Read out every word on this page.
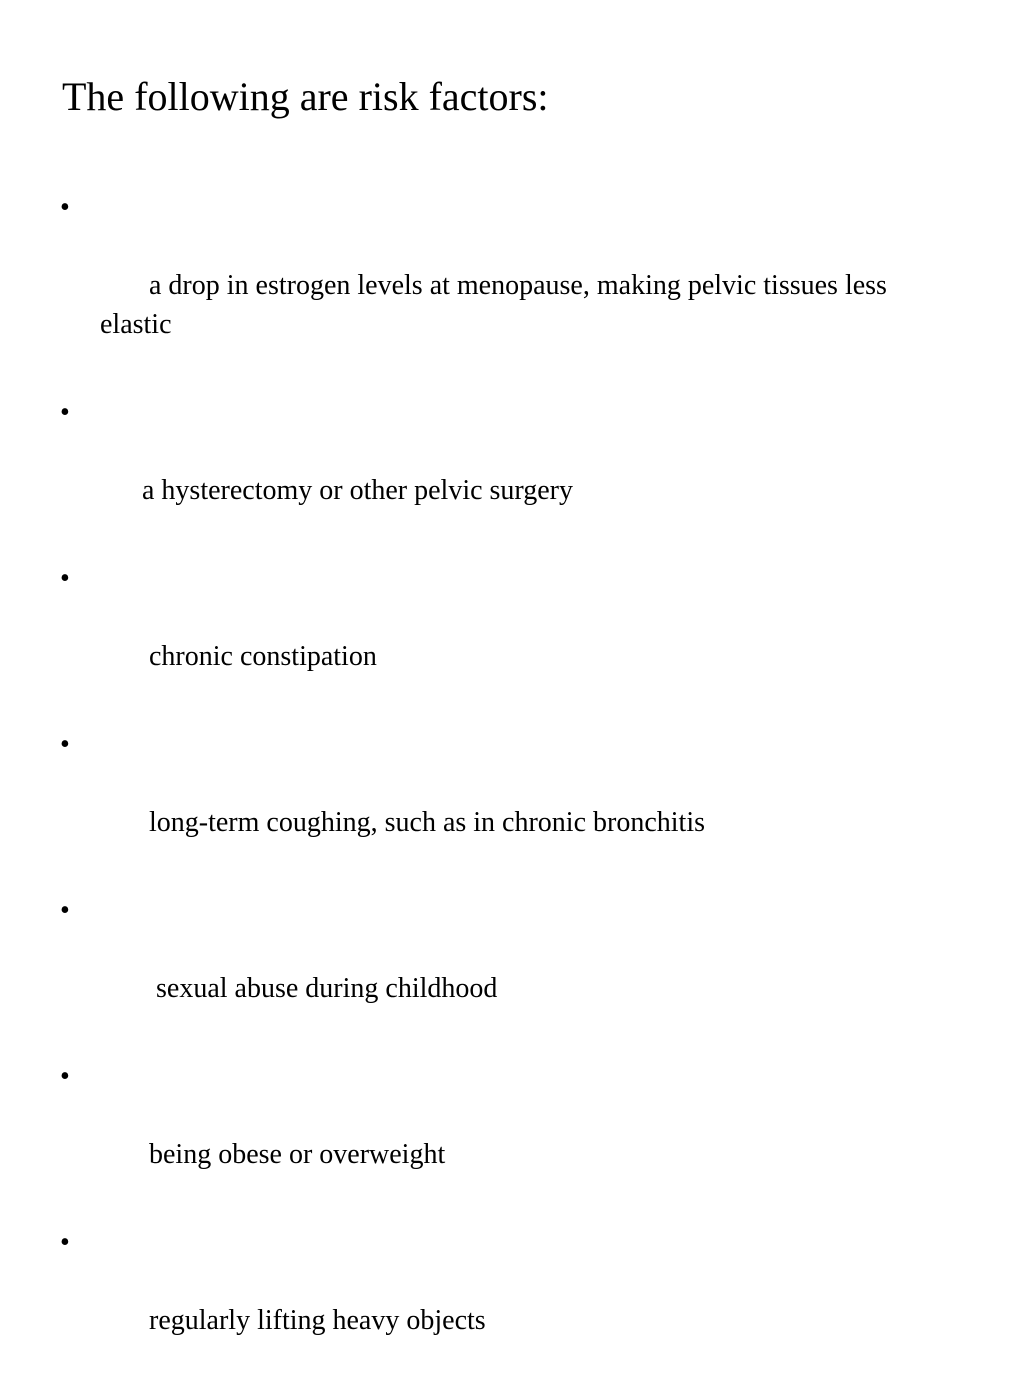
The following are risk factors:

•

a drop in estrogen levels at menopause, making pelvic tissues less elastic

•

a hysterectomy or other pelvic surgery

•

chronic constipation

•

long-term coughing, such as in chronic bronchitis

•

sexual abuse during childhood

•

being obese or overweight

•

regularly lifting heavy objects
